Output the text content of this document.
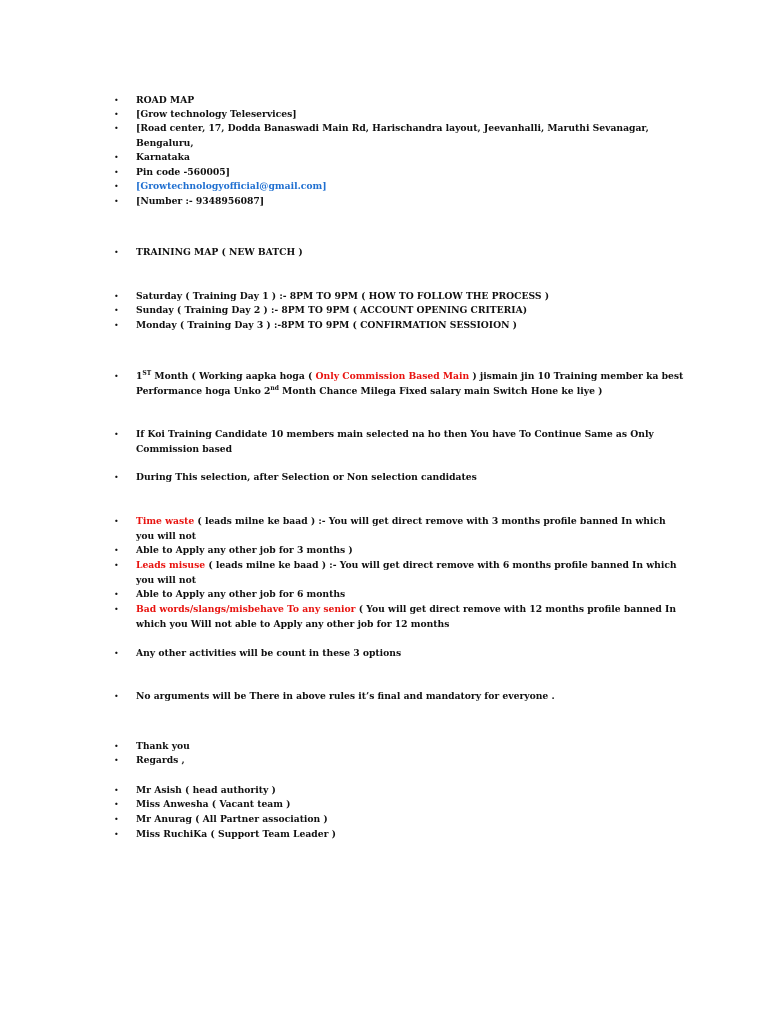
• ROAD MAP

• [Grow technology Teleservices]

• [Road center, 17, Dodda Banaswadi Main Rd, Harischandra layout, Jeevanhalli, Maruthi Sevanagar,
Bengaluru,

• Karnataka

• Pin code -560005]

• [Growtechnologyofficial@gmail.com]

• [Number :- 9348956087]

• TRAINING MAP ( NEW BATCH )

• Saturday ( Training Day 1 ) :- 8PM TO 9PM ( HOW TO FOLLOW THE PROCESS )

• Sunday ( Training Day 2 ) :- 8PM TO 9PM ( ACCOUNT OPENING CRITERIA)

• Monday ( Training Day 3 ) :-8PM TO 9PM ( CONFIRMATION SESSIOION )

• 1ST Month ( Working aapka hoga ( Only Commission Based Main ) jismain jin 10 Training member ka best
Performance hoga Unko 2nd Month Chance Milega Fixed salary main Switch Hone ke liye )

• If Koi Training Candidate 10 members main selected na ho then You have To Continue Same as Only
Commission based

• During This selection, after Selection or Non selection candidates

• Time waste ( leads milne ke baad ) :- You will get direct remove with 3 months profile banned In which
you will not

• Able to Apply any other job for 3 months )

• Leads misuse ( leads milne ke baad ) :- You will get direct remove with 6 months profile banned In which
you will not

• Able to Apply any other job for 6 months

• Bad words/slangs/misbehave To any senior ( You will get direct remove with 12 months profile banned In
which you Will not able to Apply any other job for 12 months

• Any other activities will be count in these 3 options

• No arguments will be There in above rules it’s final and mandatory for everyone .

• Thank you

• Regards ,

• Mr Asish ( head authority )

• Miss Anwesha ( Vacant team )

• Mr Anurag ( All Partner association )

• Miss RuchiKa ( Support Team Leader )
